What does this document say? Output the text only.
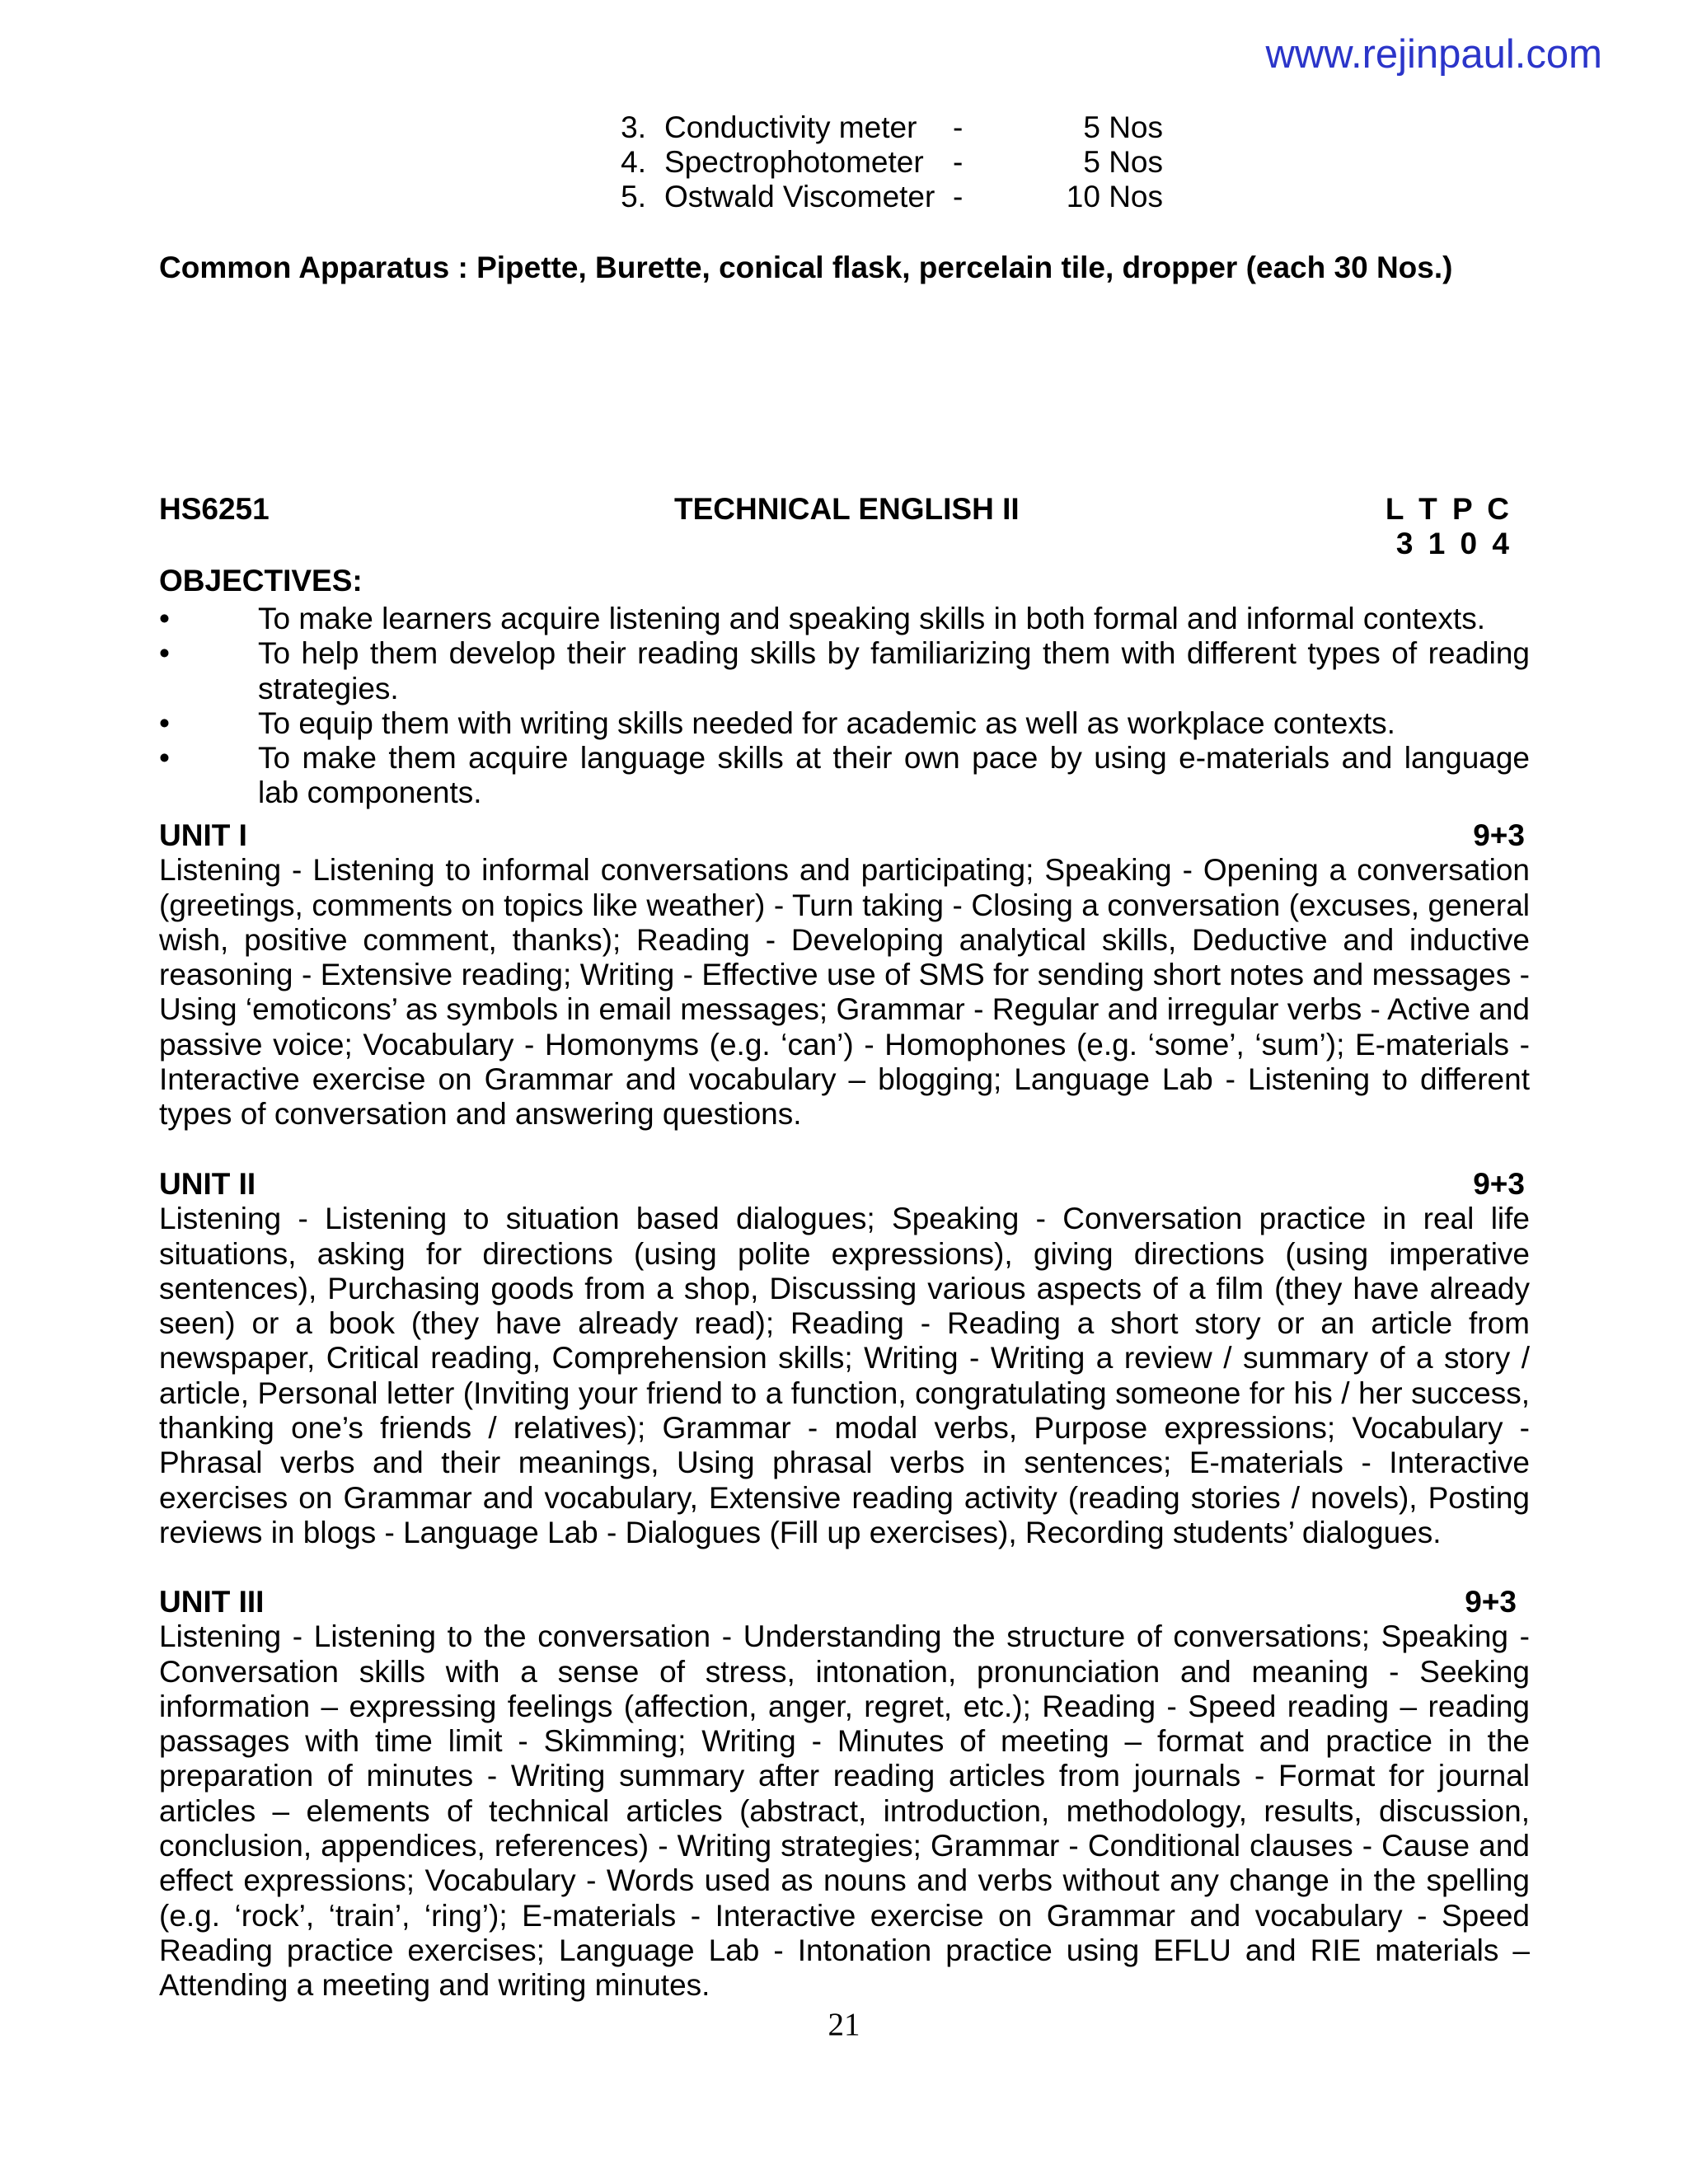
www.rejinpaul.com
3. Conductivity meter	-	5 Nos
4. Spectrophotometer -	5 Nos
5. Ostwald Viscometer -	10 Nos
Common Apparatus : Pipette, Burette, conical flask, percelain tile, dropper (each 30 Nos.)
HS6251	TECHNICAL ENGLISH II	L T P C
3 1 0 4
OBJECTIVES:
•	To make learners acquire listening and speaking skills in both formal and informal contexts.
•	To help them develop their reading skills by familiarizing them with different types of reading strategies.
•	To equip them with writing skills needed for academic as well as workplace contexts.
•	To make them acquire language skills at their own pace by using e-materials and language lab components.
UNIT I	9+3
Listening - Listening to informal conversations and participating; Speaking - Opening a conversation (greetings, comments on topics like weather) - Turn taking - Closing a conversation (excuses, general wish, positive comment, thanks); Reading - Developing analytical skills, Deductive and inductive reasoning - Extensive reading; Writing - Effective use of SMS for sending short notes and messages - Using ‘emoticons’ as symbols in email messages; Grammar - Regular and irregular verbs - Active and passive voice; Vocabulary - Homonyms (e.g. ‘can’) - Homophones (e.g. ‘some’, ‘sum’); E-materials - Interactive exercise on Grammar and vocabulary – blogging; Language Lab - Listening to different types of conversation and answering questions.
UNIT II	9+3
Listening - Listening to situation based dialogues; Speaking - Conversation practice in real life situations, asking for directions (using polite expressions), giving directions (using imperative sentences), Purchasing goods from a shop, Discussing various aspects of a film (they have already seen) or a book (they have already read); Reading - Reading a short story or an article from newspaper, Critical reading, Comprehension skills; Writing - Writing a review / summary of a story / article, Personal letter (Inviting your friend to a function, congratulating someone for his / her success, thanking one’s friends / relatives); Grammar - modal verbs, Purpose expressions; Vocabulary - Phrasal verbs and their meanings, Using phrasal verbs in sentences; E-materials - Interactive exercises on Grammar and vocabulary, Extensive reading activity (reading stories / novels), Posting reviews in blogs - Language Lab - Dialogues (Fill up exercises), Recording students’ dialogues.
UNIT III	9+3
Listening - Listening to the conversation - Understanding the structure of conversations; Speaking - Conversation skills with a sense of stress, intonation, pronunciation and meaning - Seeking information – expressing feelings (affection, anger, regret, etc.); Reading - Speed reading – reading passages with time limit - Skimming; Writing - Minutes of meeting – format and practice in the preparation of minutes - Writing summary after reading articles from journals - Format for journal articles – elements of technical articles (abstract, introduction, methodology, results, discussion, conclusion, appendices, references) - Writing strategies; Grammar - Conditional clauses - Cause and effect expressions; Vocabulary - Words used as nouns and verbs without any change in the spelling (e.g. ‘rock’, ‘train’, ‘ring’); E-materials - Interactive exercise on Grammar and vocabulary - Speed Reading practice exercises; Language Lab - Intonation practice using EFLU and RIE materials – Attending a meeting and writing minutes.
21
